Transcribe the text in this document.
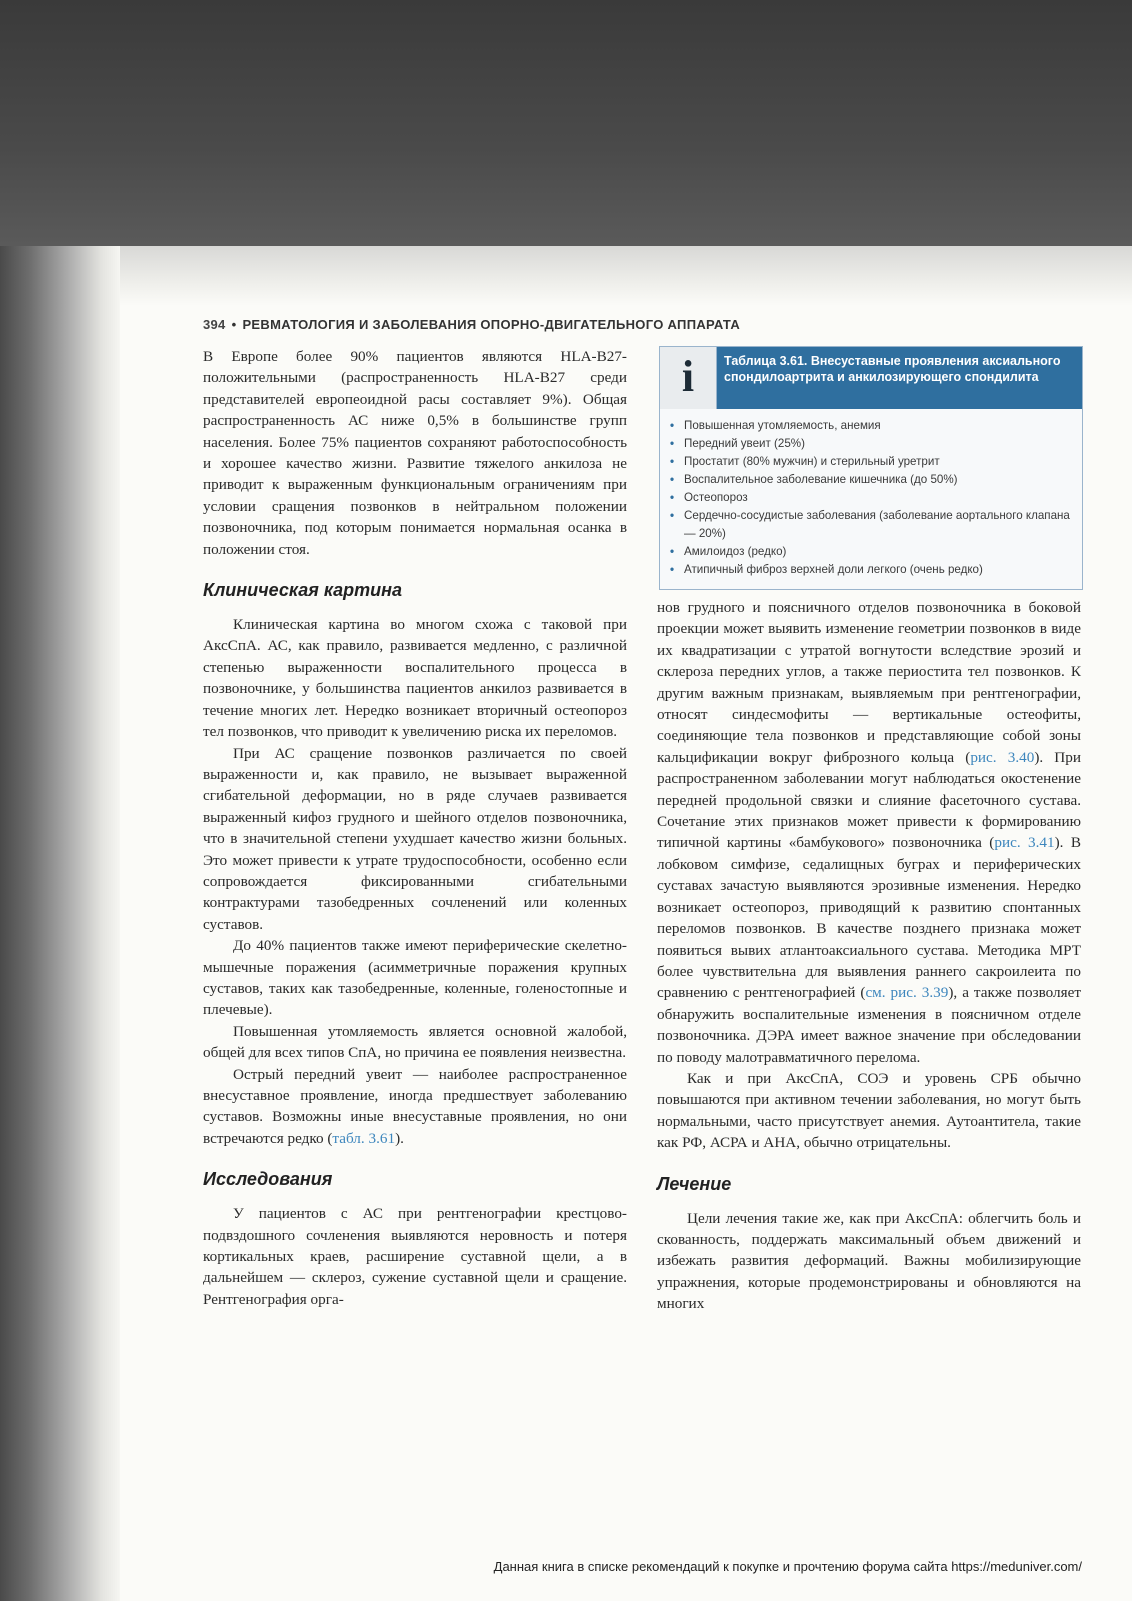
394 • РЕВМАТОЛОГИЯ И ЗАБОЛЕВАНИЯ ОПОРНО-ДВИГАТЕЛЬНОГО АППАРАТА

В Европе более 90% пациентов являются HLA-B27-положительными (распространенность HLA-B27 среди представителей европеоидной расы составляет 9%). Общая распространенность АС ниже 0,5% в большинстве групп населения. Более 75% пациентов сохраняют работоспособность и хорошее качество жизни. Развитие тяжелого анкилоза не приводит к выраженным функциональным ограничениям при условии сращения позвонков в нейтральном положении позвоночника, под которым понимается нормальная осанка в положении стоя.

Клиническая картина

Клиническая картина во многом схожа с таковой при АксСпА. АС, как правило, развивается медленно, с различной степенью выраженности воспалительного процесса в позвоночнике, у большинства пациентов анкилоз развивается в течение многих лет. Нередко возникает вторичный остеопороз тел позвонков, что приводит к увеличению риска их переломов.

При АС сращение позвонков различается по своей выраженности и, как правило, не вызывает выраженной сгибательной деформации, но в ряде случаев развивается выраженный кифоз грудного и шейного отделов позвоночника, что в значительной степени ухудшает качество жизни больных. Это может привести к утрате трудоспособности, особенно если сопровождается фиксированными сгибательными контрактурами тазобедренных сочленений или коленных суставов.

До 40% пациентов также имеют периферические скелетно-мышечные поражения (асимметричные поражения крупных суставов, таких как тазобедренные, коленные, голеностопные и плечевые).

Повышенная утомляемость является основной жалобой, общей для всех типов СпА, но причина ее появления неизвестна.

Острый передний увеит — наиболее распространенное внесуставное проявление, иногда предшествует заболеванию суставов. Возможны иные внесуставные проявления, но они встречаются редко (табл. 3.61).

Исследования

У пациентов с АС при рентгенографии крестцово-подвздошного сочленения выявляются неровность и потеря кортикальных краев, расширение суставной щели, а в дальнейшем — склероз, сужение суставной щели и сращение. Рентгенография орга-

i	Таблица 3.61. Внесуставные проявления аксиального спондилоартрита и анкилозирующего спондилита
• Повышенная утомляемость, анемия
• Передний увеит (25%)
• Простатит (80% мужчин) и стерильный уретрит
• Воспалительное заболевание кишечника (до 50%)
• Остеопороз
• Сердечно-сосудистые заболевания (заболевание аортального клапана — 20%)
• Амилоидоз (редко)
• Атипичный фиброз верхней доли легкого (очень редко)

нов грудного и поясничного отделов позвоночника в боковой проекции может выявить изменение геометрии позвонков в виде их квадратизации с утратой вогнутости вследствие эрозий и склероза передних углов, а также периостита тел позвонков. К другим важным признакам, выявляемым при рентгенографии, относят синдесмофиты — вертикальные остеофиты, соединяющие тела позвонков и представляющие собой зоны кальцификации вокруг фиброзного кольца (рис. 3.40). При распространенном заболевании могут наблюдаться окостенение передней продольной связки и слияние фасеточного сустава. Сочетание этих признаков может привести к формированию типичной картины «бамбукового» позвоночника (рис. 3.41). В лобковом симфизе, седалищных буграх и периферических суставах зачастую выявляются эрозивные изменения. Нередко возникает остеопороз, приводящий к развитию спонтанных переломов позвонков. В качестве позднего признака может появиться вывих атлантоаксиального сустава. Методика МРТ более чувствительна для выявления раннего сакроилеита по сравнению с рентгенографией (см. рис. 3.39), а также позволяет обнаружить воспалительные изменения в поясничном отделе позвоночника. ДЭРА имеет важное значение при обследовании по поводу малотравматичного перелома.

Как и при АксСпА, СОЭ и уровень СРБ обычно повышаются при активном течении заболевания, но могут быть нормальными, часто присутствует анемия. Аутоантитела, такие как РФ, АСРА и АНА, обычно отрицательны.

Лечение

Цели лечения такие же, как при АксСпА: облегчить боль и скованность, поддержать максимальный объем движений и избежать развития деформаций. Важны мобилизирующие упражнения, которые продемонстрированы и обновляются на многих

Данная книга в списке рекомендаций к покупке и прочтению форума сайта https://meduniver.com/
